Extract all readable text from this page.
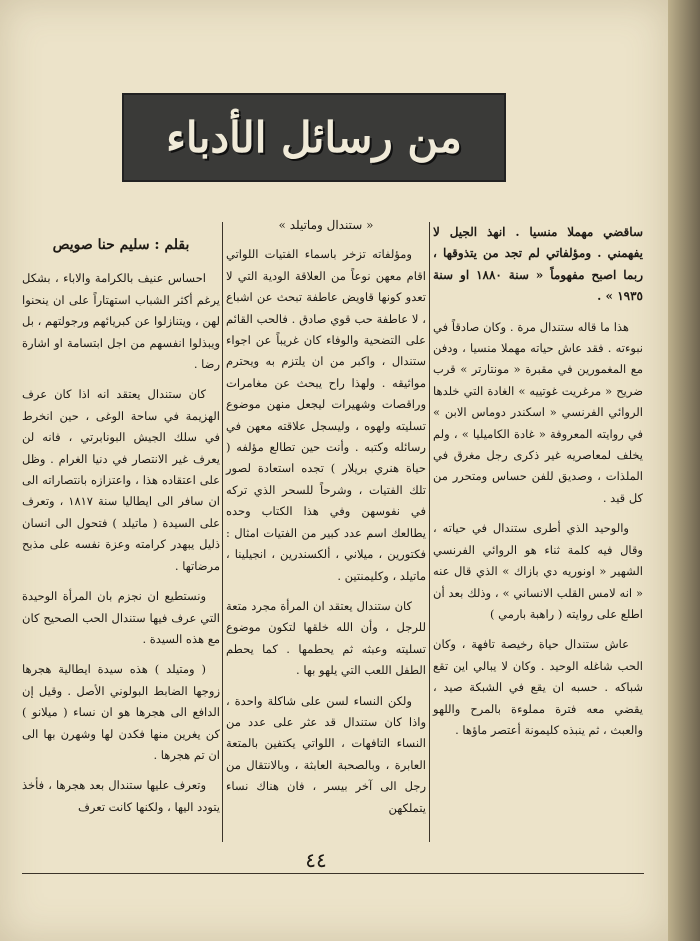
من رسائل الأدباء

ساقضي مهملا منسيا . انهذ الجيل لا يفهمني . ومؤلفاتي لم تجد من يتذوقها ، ربما اصبح مفهوماً « سنة ١٨٨٠ او سنة ١٩٣٥ » .

هذا ما قاله ستندال مرة . وكان صادقاً في نبوءته . فقد عاش حياته مهملا منسيا ، ودفن مع المغمورين في مقبرة « مونتارتر » قرب ضريح « مرغريت غوتييه » الغادة التي خلدها الروائي الفرنسي « اسكندر دوماس الابن » في روايته المعروفة « غادة الكاميليا » ، ولم يخلف لمعاصريه غير ذكرى رجل مغرق في الملذات ، وصديق للفن حساس ومتحرر من كل قيد .

والوحيد الذي أطرى ستندال في حياته ، وقال فيه كلمة ثناء هو الروائي الفرنسي الشهير « اونوريه دي بازاك » الذي قال عنه « انه لامس القلب الانساني » ، وذلك بعد أن اطلع على روايته ( راهبة بارمي )

عاش ستندال حياة رخيصة تافهة ، وكان الحب شاغله الوحيد . وكان لا يبالي اين تقع شباكه . حسبه ان يقع في الشبكة صيد ، يقضي معه فترة مملوءة بالمرح واللهو والعبث ، ثم ينبذه كليمونة أعتصر ماؤها .

« ستندال وماتيلد »

ومؤلفاته تزخر باسماء الفتيات اللواتي اقام معهن نوعاً من العلاقة الودية التي لا تعدو كونها قاويض عاطفة تبحث عن اشباع ، لا عاطفة حب قوي صادق . فالحب القائم على التضحية والوفاء كان غريباً عن اجواء ستندال ، واكبر من ان يلتزم به ويحترم مواثيقه . ولهذا راح يبحث عن مغامرات وراقصات وشهيرات ليجعل منهن موضوع تسليته ولهوه ، وليسجل علاقته معهن في رسائله وكتبه . وأنت حين تطالع مؤلفه ( حياة هنري بريلار ) تجده استعادة لصور تلك الفتيات ، وشرحاً للسحر الذي تركه في نفوسهن وفي هذا الكتاب وحده يطالعك اسم عدد كبير من الفتيات امثال : فكتورين ، ميلاني ، ألكسندرين ، انجيلينا ، ماتيلد ، وكليمنتين .

كان ستندال يعتقد ان المرأة مجرد متعة للرجل ، وأن الله خلقها لتكون موضوع تسليته وعبثه ثم يحطمها . كما يحطم الطفل اللعب التي يلهو بها .

ولكن النساء لسن على شاكلة واحدة ، واذا كان ستندال قد عثر على عدد من النساء التافهات ، اللواتي يكتفين بالمتعة العابرة ، وبالصحبة العابثة ، وبالانتقال من رجل الى آخر بيسر ، فان هناك نساء يتملكهن

بقلم : سليم حنا صويص

احساس عنيف بالكرامة والاباء ، بشكل يرغم أكثر الشباب استهتاراً على ان ينحنوا لهن ، ويتنازلوا عن كبريائهم ورجولتهم ، بل ويبذلوا انفسهم من اجل ابتسامة او اشارة رضا .

كان ستندال يعتقد انه اذا كان عرف الهزيمة في ساحة الوغى ، حين انخرط في سلك الجيش البونابرتي ، فانه لن يعرف غير الانتصار في دنيا الغرام . وظل على اعتقاده هذا ، واعتزازه بانتصاراته الى ان سافر الى ايطاليا سنة ١٨١٧ ، وتعرف على السيدة ( ماتيلد ) فتحول الى انسان ذليل يبهدر كرامته وعزة نفسه على مذبح مرضاتها .

ونستطيع ان نجزم بان المرأة الوحيدة التي عرف فيها ستندال الحب الصحيح كان مع هذه السيدة .

( ومتيلد ) هذه سيدة ايطالية هجرها زوجها الضابط البولوني الأصل . وقيل إن الدافع الى هجرها هو ان نساء ( ميلانو ) كن يغرين منها فكدن لها وشهرن بها الى ان تم هجرها .

وتعرف عليها ستندال بعد هجرها ، فأخذ يتودد اليها ، ولكنها كانت تعرف

٤٤
